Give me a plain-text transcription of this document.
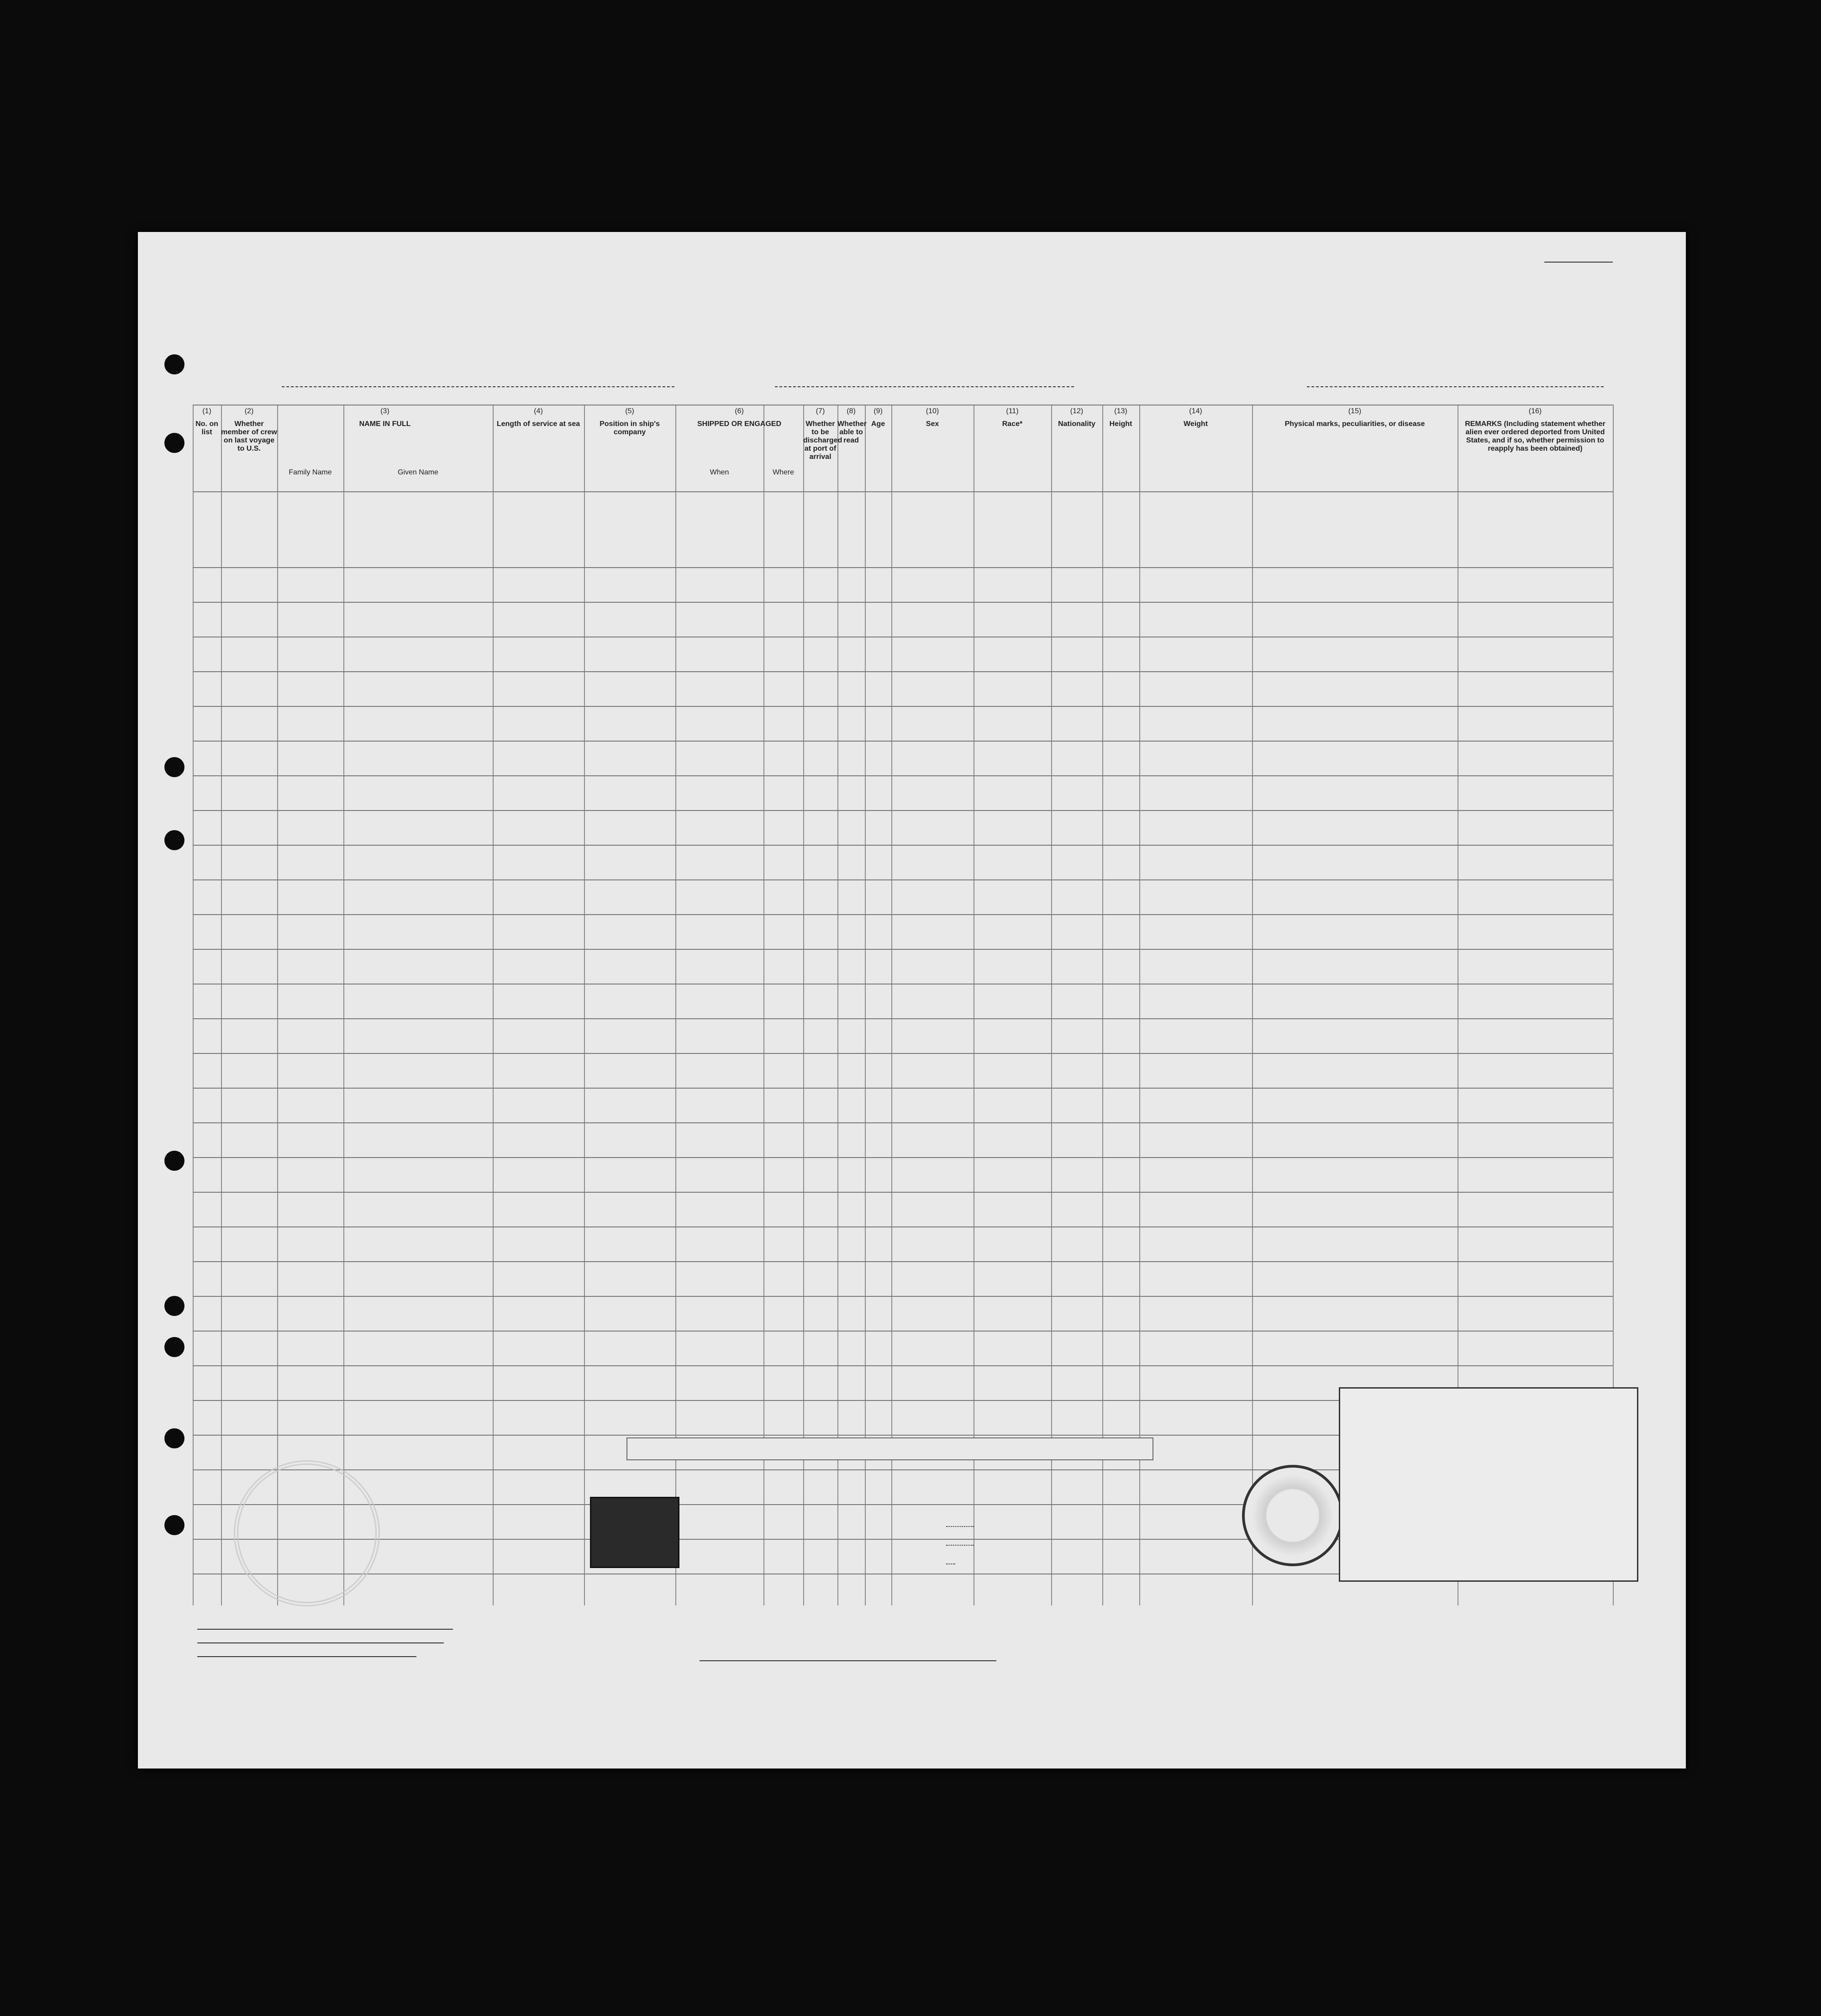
(1)
No. on list
(2)
Whether member of crew on last voyage to U.S.
(3)
NAME IN FULL
Family Name	Given Name
(4)
Length of service at sea
(5)
Position in ship's company
(6)
SHIPPED OR ENGAGED
When	Where
(7)
Whether to be discharged at port of arrival
(8)
Whether able to read
(9)
Age
(10)
Sex
(11)
Race*
(12)
Nationality
(13)
Height
(14)
Weight
(15)
Physical marks, peculiarities, or disease
(16)
REMARKS (Including statement whether alien ever ordered deported from United States, and if so, whether permission to reapply has been obtained)
